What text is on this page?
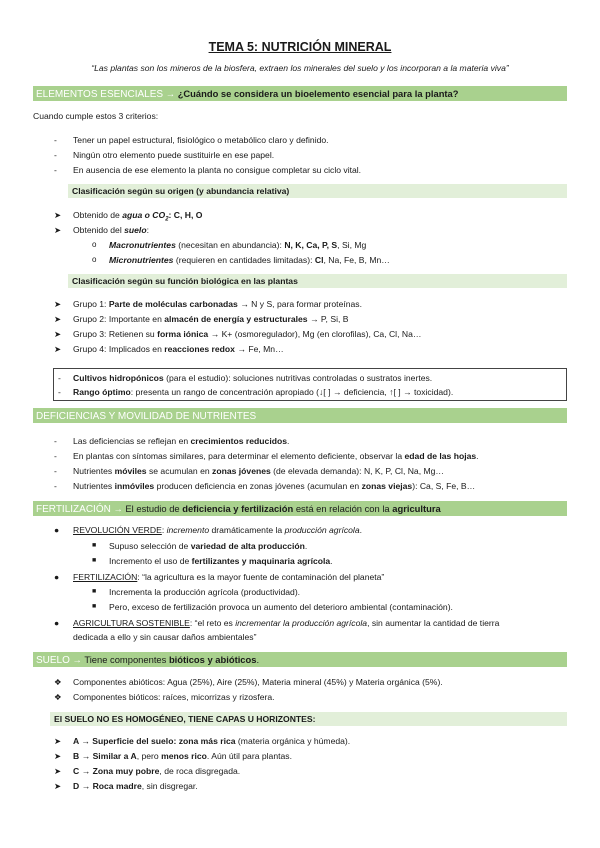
TEMA 5: NUTRICIÓN MINERAL
“Las plantas son los mineros de la biosfera, extraen los minerales del suelo y los incorporan a la materia viva”
ELEMENTOS ESENCIALES → ¿Cuándo se considera un bioelemento esencial para la planta?
Cuando cumple estos 3 criterios:
- Tener un papel estructural, fisiológico o metabólico claro y definido.
- Ningún otro elemento puede sustituirle en ese papel.
- En ausencia de ese elemento la planta no consigue completar su ciclo vital.
Clasificación según su origen (y abundancia relativa)
➤ Obtenido de agua o $CO_2$: C, H, O
➤ Obtenido del suelo:
o Macronutrientes (necesitan en abundancia): N, K, Ca, P, S, Si, Mg
o Micronutrientes (requieren en cantidades limitadas): Cl, Na, Fe, B, Mn…
Clasificación según su función biológica en las plantas
➤ Grupo 1: Parte de moléculas carbonadas → N y S, para formar proteínas.
➤ Grupo 2: Importante en almacén de energía y estructurales → P, Si, B
➤ Grupo 3: Retienen su forma iónica → K+ (osmoregulador), Mg (en clorofilas), Ca, Cl, Na…
➤ Grupo 4: Implicados en reacciones redox → Fe, Mn…
- Cultivos hidropónicos (para el estudio): soluciones nutritivas controladas o sustratos inertes.
- Rango óptimo: presenta un rango de concentración apropiado (↓[ ] → deficiencia, ↑[ ] → toxicidad).
DEFICIENCIAS Y MOVILIDAD DE NUTRIENTES
- Las deficiencias se reflejan en crecimientos reducidos.
- En plantas con síntomas similares, para determinar el elemento deficiente, observar la edad de las hojas.
- Nutrientes móviles se acumulan en zonas jóvenes (de elevada demanda): N, K, P, Cl, Na, Mg…
- Nutrientes inmóviles producen deficiencia en zonas jóvenes (acumulan en zonas viejas): Ca, S, Fe, B…
FERTILIZACIÓN → El estudio de deficiencia y fertilización está en relación con la agricultura
● REVOLUCIÓN VERDE: incremento dramáticamente la producción agrícola.
■ Supuso selección de variedad de alta producción.
■ Incremento el uso de fertilizantes y maquinaria agrícola.
● FERTILIZACIÓN: “la agricultura es la mayor fuente de contaminación del planeta”
■ Incrementa la producción agrícola (productividad).
■ Pero, exceso de fertilización provoca un aumento del deterioro ambiental (contaminación).
● AGRICULTURA SOSTENIBLE: “el reto es incrementar la producción agrícola, sin aumentar la cantidad de tierra
dedicada a ello y sin causar daños ambientales”
SUELO → Tiene componentes bióticos y abióticos.
❖ Componentes abióticos: Agua (25%), Aire (25%), Materia mineral (45%) y Materia orgánica (5%).
❖ Componentes bióticos: raíces, micorrizas y rizosfera.
El SUELO NO ES HOMOGÉNEO, TIENE CAPAS U HORIZONTES:
➤ A → Superficie del suelo: zona más rica (materia orgánica y húmeda).
➤ B → Similar a A, pero menos rico. Aún útil para plantas.
➤ C → Zona muy pobre, de roca disgregada.
➤ D → Roca madre, sin disgregar.
